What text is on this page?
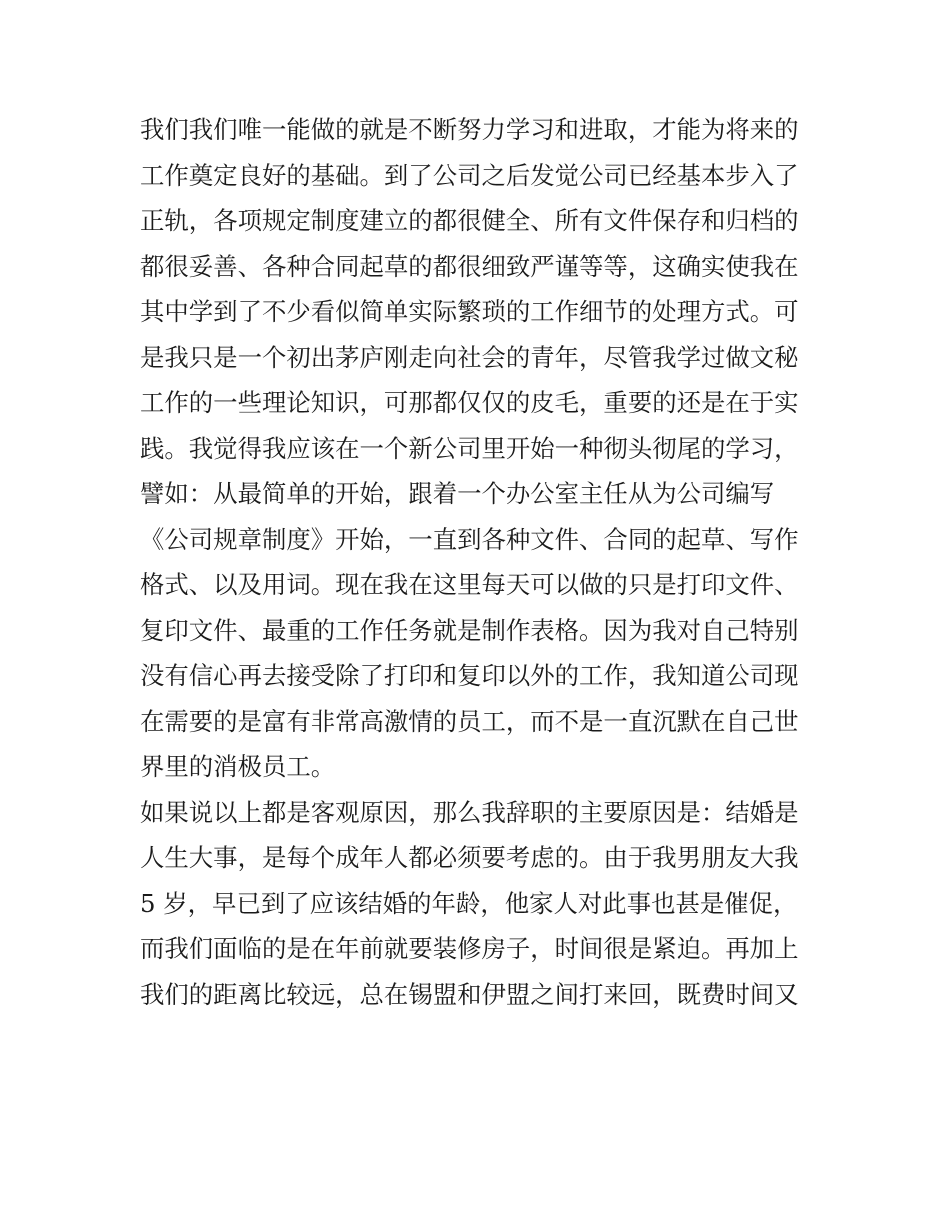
我们我们唯一能做的就是不断努力学习和进取，才能为将来的
工作奠定良好的基础。到了公司之后发觉公司已经基本步入了
正轨，各项规定制度建立的都很健全、所有文件保存和归档的
都很妥善、各种合同起草的都很细致严谨等等，这确实使我在
其中学到了不少看似简单实际繁琐的工作细节的处理方式。可
是我只是一个初出茅庐刚走向社会的青年，尽管我学过做文秘
工作的一些理论知识，可那都仅仅的皮毛，重要的还是在于实
践。我觉得我应该在一个新公司里开始一种彻头彻尾的学习，
譬如：从最简单的开始，跟着一个办公室主任从为公司编写
《公司规章制度》开始，一直到各种文件、合同的起草、写作
格式、以及用词。现在我在这里每天可以做的只是打印文件、
复印文件、最重的工作任务就是制作表格。因为我对自己特别
没有信心再去接受除了打印和复印以外的工作，我知道公司现
在需要的是富有非常高激情的员工，而不是一直沉默在自己世
界里的消极员工。
如果说以上都是客观原因，那么我辞职的主要原因是：结婚是
人生大事，是每个成年人都必须要考虑的。由于我男朋友大我
5 岁，早已到了应该结婚的年龄，他家人对此事也甚是催促，
而我们面临的是在年前就要装修房子，时间很是紧迫。再加上
我们的距离比较远，总在锡盟和伊盟之间打来回，既费时间又
